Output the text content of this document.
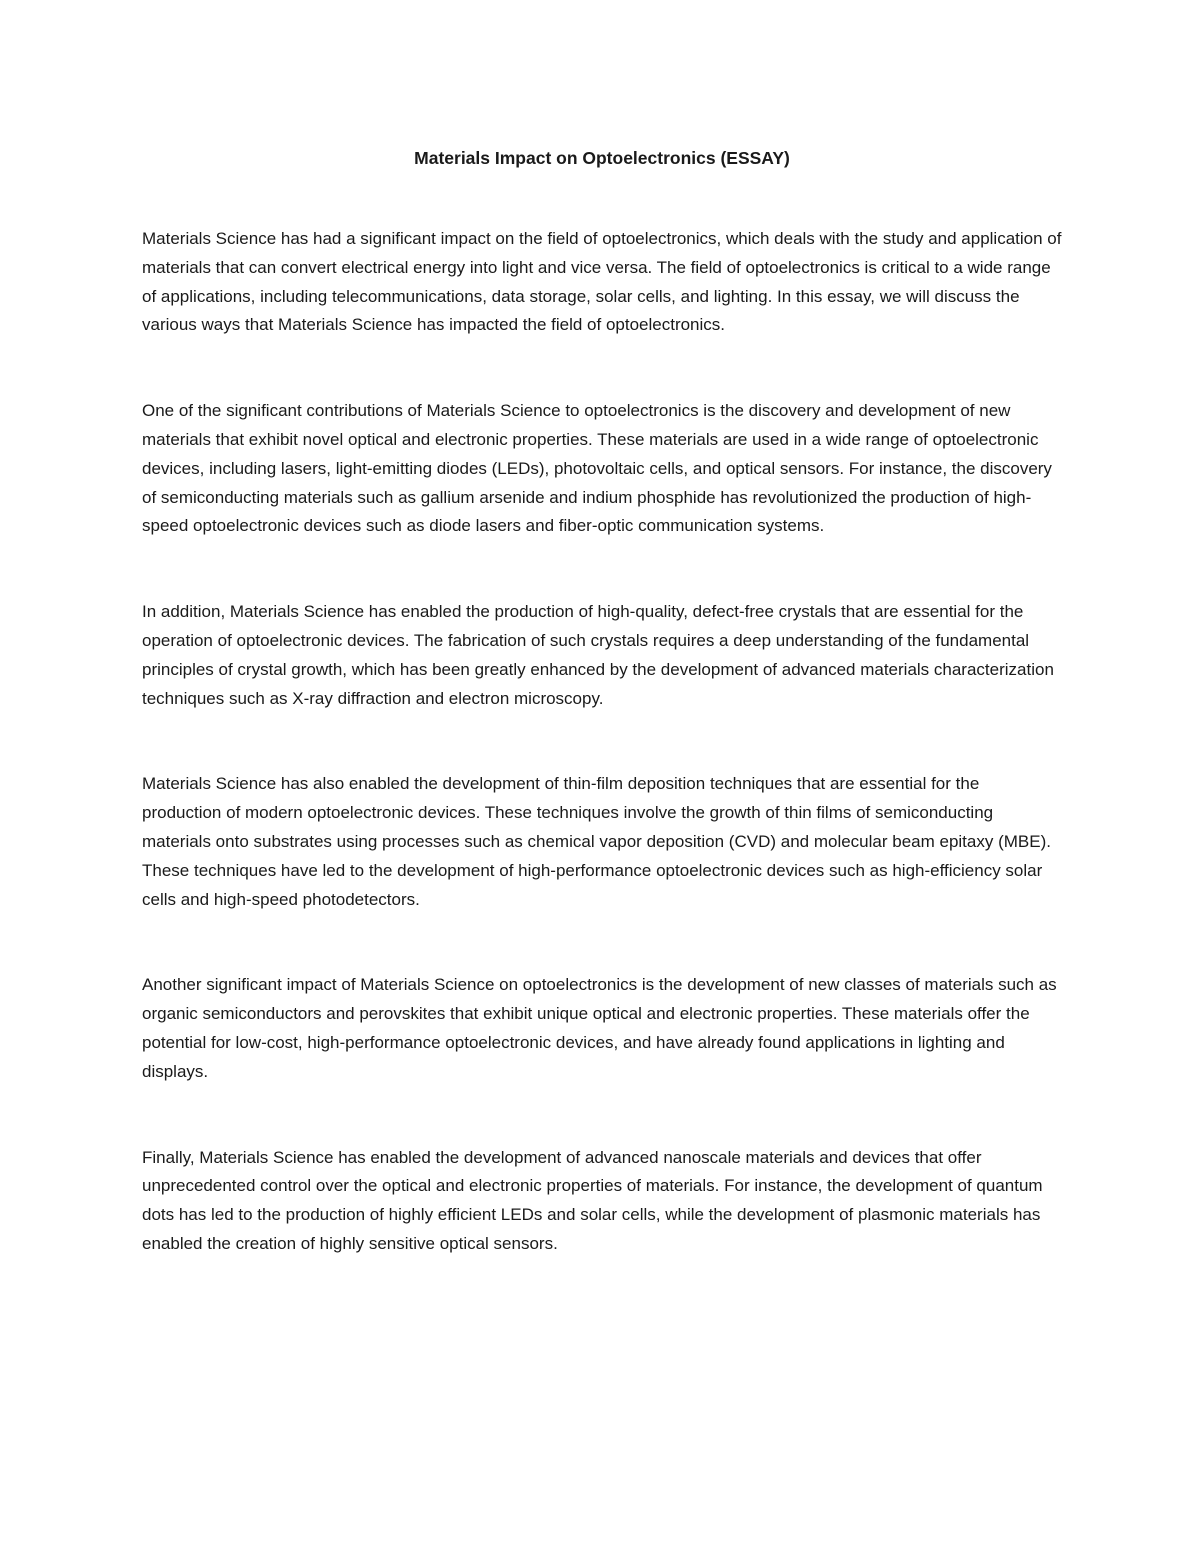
Materials Impact on Optoelectronics (ESSAY)

Materials Science has had a significant impact on the field of optoelectronics, which deals with the study and application of materials that can convert electrical energy into light and vice versa. The field of optoelectronics is critical to a wide range of applications, including telecommunications, data storage, solar cells, and lighting. In this essay, we will discuss the various ways that Materials Science has impacted the field of optoelectronics.

One of the significant contributions of Materials Science to optoelectronics is the discovery and development of new materials that exhibit novel optical and electronic properties. These materials are used in a wide range of optoelectronic devices, including lasers, light-emitting diodes (LEDs), photovoltaic cells, and optical sensors. For instance, the discovery of semiconducting materials such as gallium arsenide and indium phosphide has revolutionized the production of high-speed optoelectronic devices such as diode lasers and fiber-optic communication systems.

In addition, Materials Science has enabled the production of high-quality, defect-free crystals that are essential for the operation of optoelectronic devices. The fabrication of such crystals requires a deep understanding of the fundamental principles of crystal growth, which has been greatly enhanced by the development of advanced materials characterization techniques such as X-ray diffraction and electron microscopy.

Materials Science has also enabled the development of thin-film deposition techniques that are essential for the production of modern optoelectronic devices. These techniques involve the growth of thin films of semiconducting materials onto substrates using processes such as chemical vapor deposition (CVD) and molecular beam epitaxy (MBE). These techniques have led to the development of high-performance optoelectronic devices such as high-efficiency solar cells and high-speed photodetectors.

Another significant impact of Materials Science on optoelectronics is the development of new classes of materials such as organic semiconductors and perovskites that exhibit unique optical and electronic properties. These materials offer the potential for low-cost, high-performance optoelectronic devices, and have already found applications in lighting and displays.

Finally, Materials Science has enabled the development of advanced nanoscale materials and devices that offer unprecedented control over the optical and electronic properties of materials. For instance, the development of quantum dots has led to the production of highly efficient LEDs and solar cells, while the development of plasmonic materials has enabled the creation of highly sensitive optical sensors.
